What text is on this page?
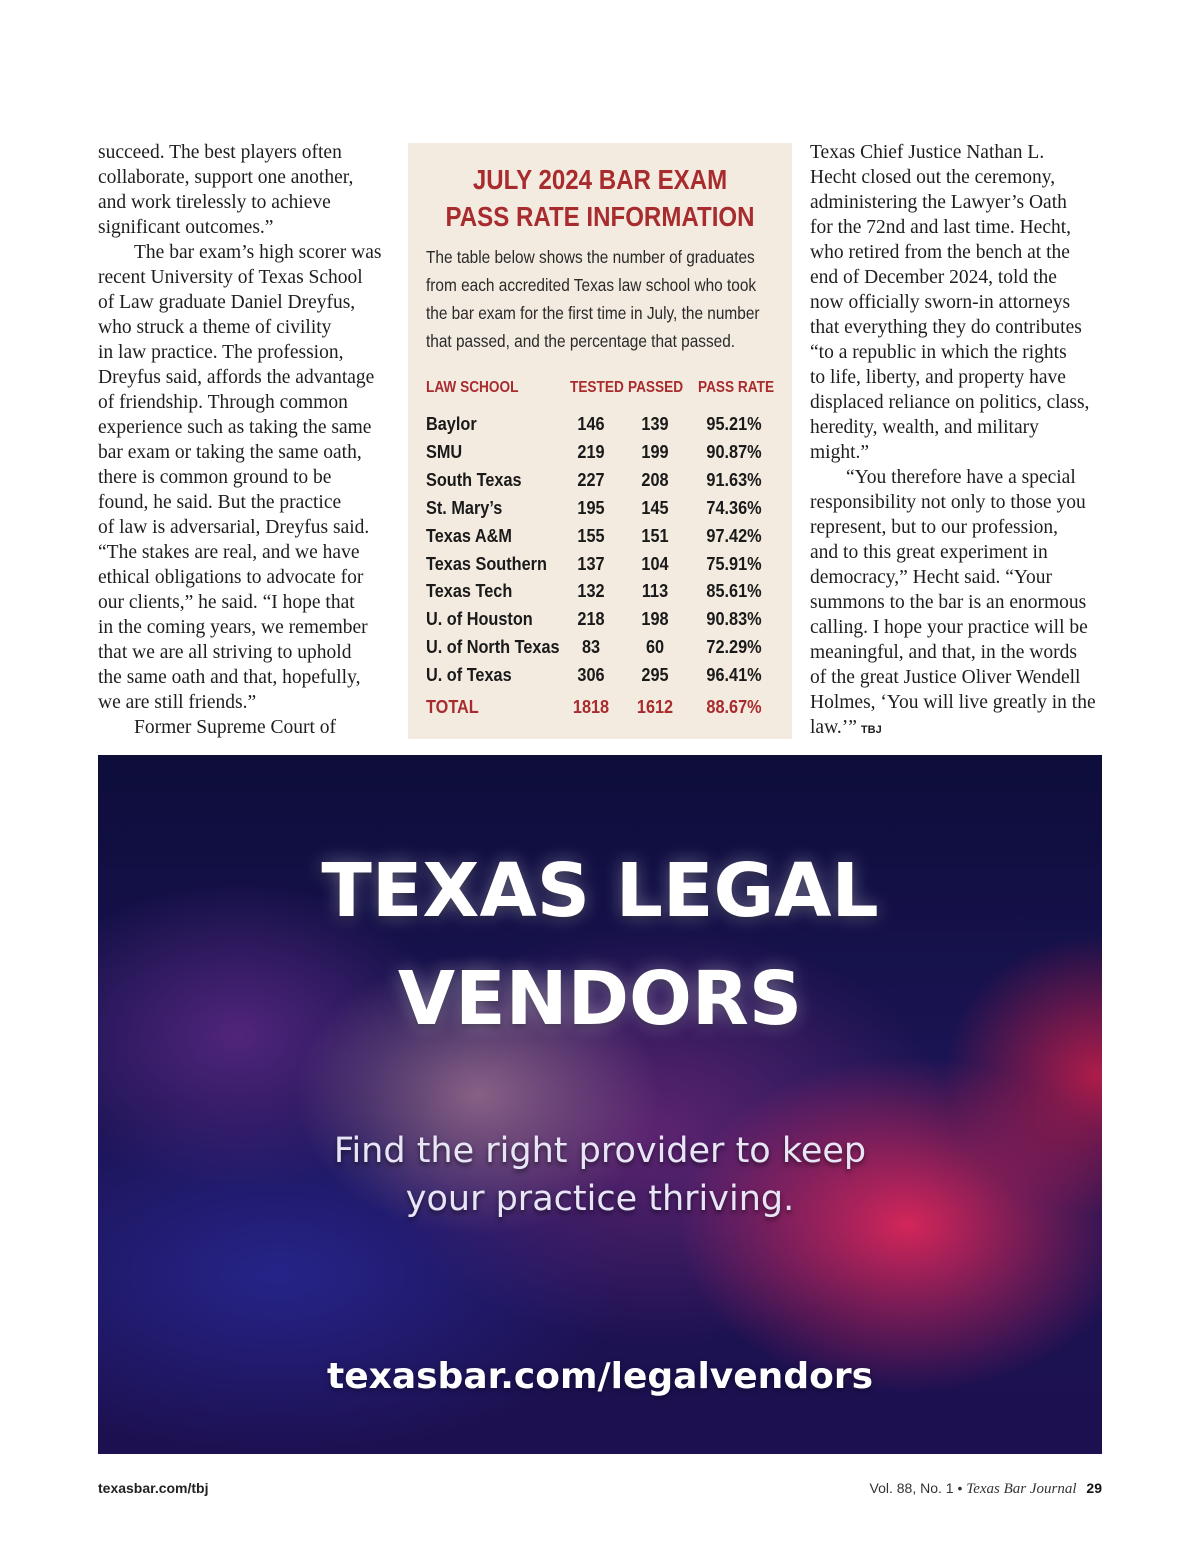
succeed. The best players often
collaborate, support one another,
and work tirelessly to achieve
significant outcomes.”
The bar exam’s high scorer was
recent University of Texas School
of Law graduate Daniel Dreyfus,
who struck a theme of civility
in law practice. The profession,
Dreyfus said, affords the advantage
of friendship. Through common
experience such as taking the same
bar exam or taking the same oath,
there is common ground to be
found, he said. But the practice
of law is adversarial, Dreyfus said.
“The stakes are real, and we have
ethical obligations to advocate for
our clients,” he said. “I hope that
in the coming years, we remember
that we are all striving to uphold
the same oath and that, hopefully,
we are still friends.”
Former Supreme Court of
Texas Chief Justice Nathan L.
Hecht closed out the ceremony,
administering the Lawyer’s Oath
for the 72nd and last time. Hecht,
who retired from the bench at the
end of December 2024, told the
now officially sworn-in attorneys
that everything they do contributes
“to a republic in which the rights
to life, liberty, and property have
displaced reliance on politics, class,
heredity, wealth, and military
might.”
“You therefore have a special
responsibility not only to those you
represent, but to our profession,
and to this great experiment in
democracy,” Hecht said. “Your
summons to the bar is an enormous
calling. I hope your practice will be
meaningful, and that, in the words
of the great Justice Oliver Wendell
Holmes, ‘You will live greatly in the
law.’” TBJ
JULY 2024 BAR EXAM
PASS RATE INFORMATION
The table below shows the number of graduates
from each accredited Texas law school who took
the bar exam for the first time in July, the number
that passed, and the percentage that passed.
LAW SCHOOL	TESTED PASSED PASS RATE
Baylor	146 139 95.21%
SMU	219 199 90.87%
South Texas	227 208 91.63%
St. Mary’s	195 145 74.36%
Texas A&M	155 151 97.42%
Texas Southern 137 104 75.91%
Texas Tech	132 113 85.61%
U. of Houston 218 198 90.83%
U. of North Texas 83 60 72.29%
U. of Texas	306 295 96.41%
TOTAL	1818 1612 88.67%
TEXAS LEGAL
VENDORS
Find the right provider to keep
your practice thriving.
texasbar.com/legalvendors
texasbar.com/tbj	Vol. 88, No. 1 • Texas Bar Journal 29
